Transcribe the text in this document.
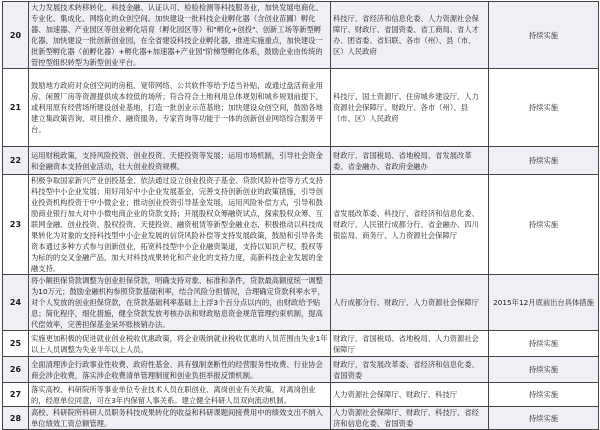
20	大力发展技术转移转化、科技金融、认证认可、检验检测等科技服务业，加快发展电商化、专业化、集成化、网络化的众创空间。加快建设一批科技企业孵化器（含创业苗圃）孵化器、加速器、产业园区等创业孵化培育（孵化园区等）和"孵化+创投"、创新工场等新型孵化器，加快建设一批创新创业园，在全省建设科技企业孵化器，推进实施重点，加快建设一批新型孵化器（前孵化器）+孵化器+加速器+产业园"阶梯型孵化体系，鼓励企业由传统的管控型组织转型为新型创业平台。	科技厅、省经济和信息化委、人力资源社会保障厅、财政厅、省国资委、省工商局、省人才办、团省委、省妇联、各市（州）、县（市、区）人民政府	持续实施
21	鼓励地方政府对众创空间的房租、宽带网络、公共软件等给予适当补贴，或通过盘活商业用房、闲置厂房等资源提供成本较低的场所；符合符合土地利用总体规划和城乡规划前提下，或利用原有经营场所建设创业基地，打造一批创业示范基地；加快建设众创空间，鼓励各地建立集政策咨询、项目推介、融资服务、专家咨询等功能于一体的创新创业网络综合服务平台。	科技厅、国土资源厅、住房城乡建设厅、人力资源社会保障厅、财政厅、各市（州）、县（市、区）人民政府	持续实施
22	运用财税政策，支持风险投资、创业投资、天使投资等发展；运用市场机制，引导社会资金和金融资本支持创业活动，壮大创业投资规模。	财政厅、省国税局、省地税局、省发展改革委、省金融办、省政府金融办	持续实施
23	积极争取国家新兴产业创投基金、依法通过设立创业投资子基金、贷款风险补偿等方式支持科技型中小企业发展；用好用好中小企业发展基金，完善支持创新创业的政策措施，引导创业投资机构投资于中小微企业；推动创业投资引导基金发展，运用风险补偿方式，引导和鼓励商业银行加大对中小微电商企业的贷款支持；开展股权众筹融资试点，探索股权众筹、互联网金融、创业投资、股权投资、天使投资、融资租赁等新型金融业态，积极推动以科技成果转化为对象的支持科技型中小企业发展的信贷风险补偿等支持发展政策，鼓励和引导各类资本通过多种方式参与创新创业，拓宽科技型中小企业融资渠道，支持以知识产权、股权等为标的的交叉金融产品，加大对科技成果转化和产业化的支持力度，高新科技企业发展的金融支持。	省发展改革委、科技厅、省经济和信息化委、财政厅、人民银行成都分行、省金融办、四川银监局、商务厅、人力资源社会保障厅	持续实施
24	将小额担保贷款调整为创业担保贷款，明确支持对象、标准和条件，贷款最高额度统一调整为10万元；鼓励金融机构参照贷款基础利率，结合风险分担情况，合理确定贷款利率水平，对个人发放的创业担保贷款，在贷款基础利率基础上上浮3个百分点以内的，由财政给予贴息；简化程序，细化措施，健全贷款发放考核办法和财政贴息资金规范管理约束机制，提高代偿效率，完善担保基金呆坏账核销办法。	人行成都分行、财政厅、人力资源社会保障厅	2015年12月底前出台具体措施
25	实施更加积极的促进就业创业税收优惠政策，将企业吸纳就业税收优惠的人员范围由失业1年以上人员调整为失业半年以上人员。	财政厅、省国税局、省地税局、人力资源社会保障厅	持续实施
26	全面清理涉企行政事业性收费、政府性基金、具有强制垄断性的经营服务性收费、行业协会商会涉企收费，落实涉企收费清单管理制度和创业负担举报反馈机制。	财政厅、省发展改革委、省经济和信息化委、省国资委	持续实施
27	落实高校、科研院所等事业单位专业技术人员在职创业、离岗创业有关政策，对离岗创业的，经原单位同意，可在3年内保留人事关系。建立健全科研人员双向流动机制。	人力资源社会保障厅、财政厅、科技厅	持续实施
28	高校、科研院所科研人员职务科技成果转化的收益和科研课题间接费用中的绩效支出不纳入单位绩效工资总额管理。	人力资源社会保障厅、财政厅、科技厅、省经济和信息化委、省国资委	持续实施
